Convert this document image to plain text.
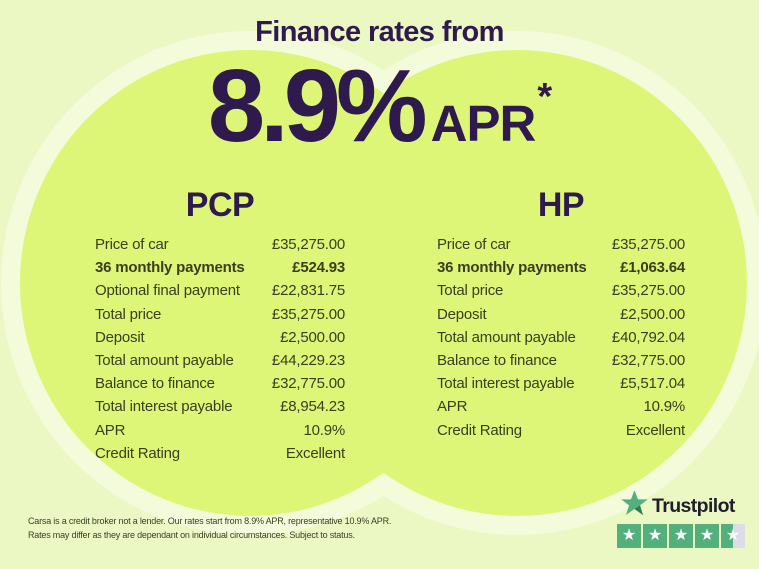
Finance rates from
8.9% APR*
PCP
Price of car	£35,275.00
36 monthly payments	£524.93
Optional final payment £22,831.75
Total price	£35,275.00
Deposit	£2,500.00
Total amount payable	£44,229.23
Balance to finance	£32,775.00
Total interest payable	£8,954.23
APR	10.9%
Credit Rating	Excellent
HP
Price of car	£35,275.00
36 monthly payments £1,063.64
Total price	£35,275.00
Deposit	£2,500.00
Total amount payable £40,792.04
Balance to finance	£32,775.00
Total interest payable	£5,517.04
APR	10.9%
Credit Rating	Excellent
Carsa is a credit broker not a lender. Our rates start from 8.9% APR, representative 10.9% APR.
Rates may differ as they are dependant on individual circumstances. Subject to status.
Trustpilot
★ ★ ★ ★ ★
